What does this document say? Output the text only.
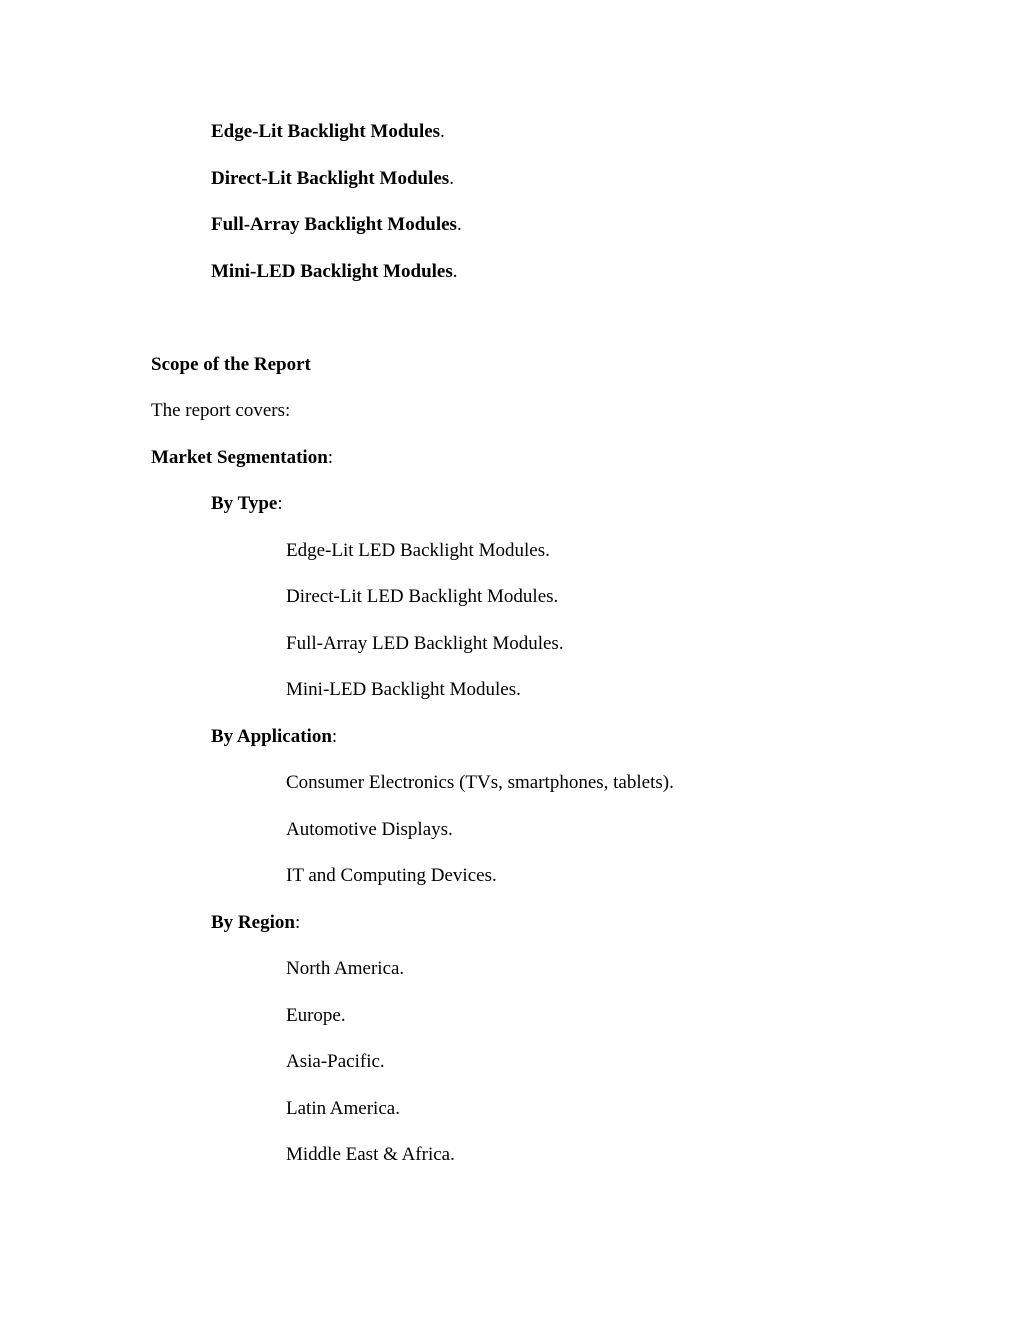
Edge-Lit Backlight Modules.
Direct-Lit Backlight Modules.
Full-Array Backlight Modules.
Mini-LED Backlight Modules.
Scope of the Report
The report covers:
Market Segmentation:
By Type:
Edge-Lit LED Backlight Modules.
Direct-Lit LED Backlight Modules.
Full-Array LED Backlight Modules.
Mini-LED Backlight Modules.
By Application:
Consumer Electronics (TVs, smartphones, tablets).
Automotive Displays.
IT and Computing Devices.
By Region:
North America.
Europe.
Asia-Pacific.
Latin America.
Middle East & Africa.
